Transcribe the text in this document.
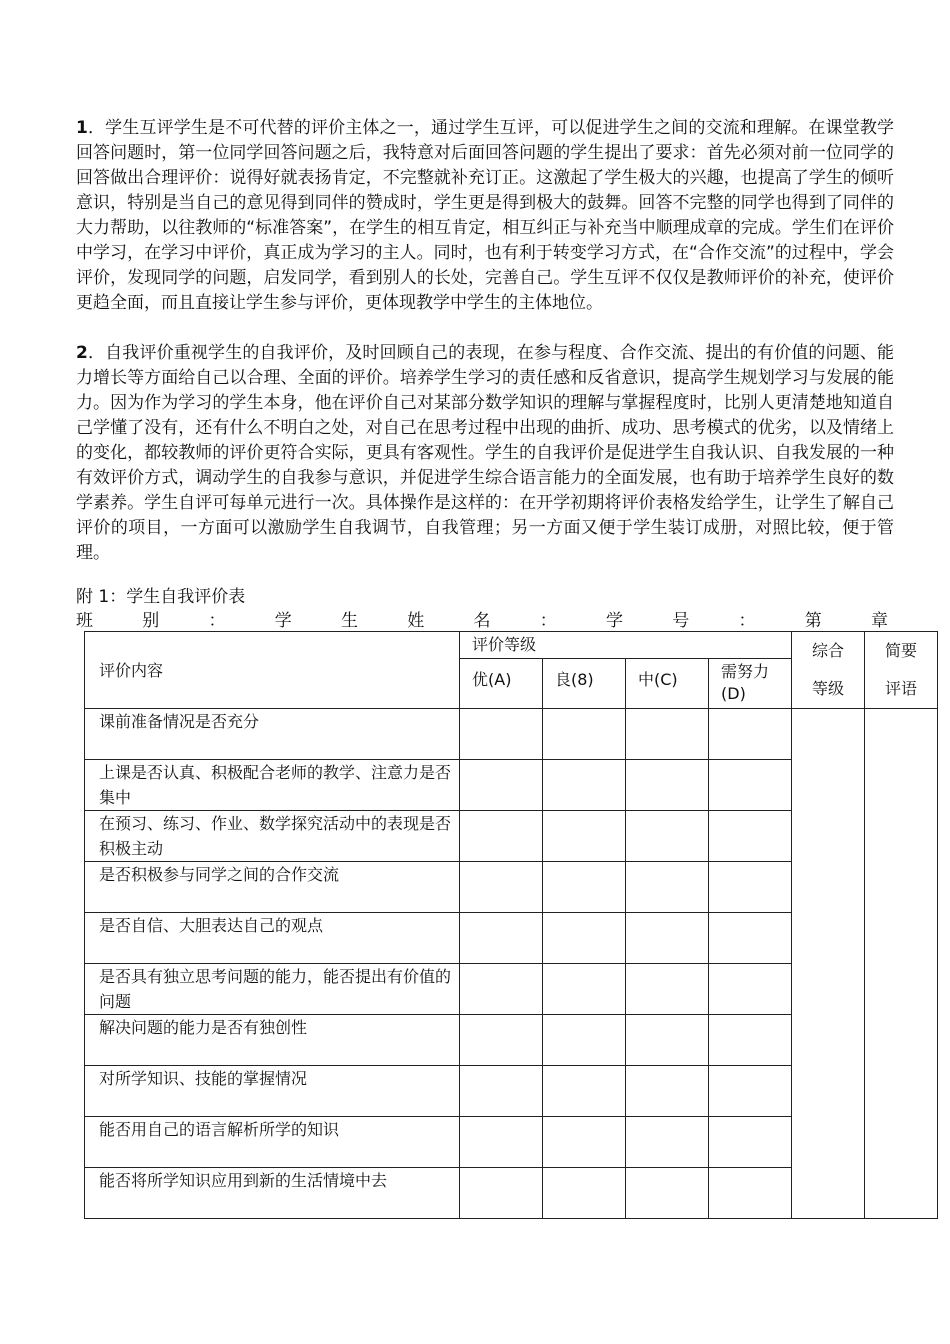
1．学生互评学生是不可代替的评价主体之一，通过学生互评，可以促进学生之间的交流和理解。在课堂教学回答问题时，第一位同学回答问题之后，我特意对后面回答问题的学生提出了要求：首先必须对前一位同学的回答做出合理评价：说得好就表扬肯定，不完整就补充订正。这激起了学生极大的兴趣，也提高了学生的倾听意识，特别是当自己的意见得到同伴的赞成时，学生更是得到极大的鼓舞。回答不完整的同学也得到了同伴的大力帮助，以往教师的“标准答案”，在学生的相互肯定，相互纠正与补充当中顺理成章的完成。学生们在评价中学习，在学习中评价，真正成为学习的主人。同时，也有利于转变学习方式，在“合作交流”的过程中，学会评价，发现同学的问题，启发同学，看到别人的长处，完善自己。学生互评不仅仅是教师评价的补充，使评价更趋全面，而且直接让学生参与评价，更体现教学中学生的主体地位。

2．自我评价重视学生的自我评价，及时回顾自己的表现，在参与程度、合作交流、提出的有价值的问题、能力增长等方面给自己以合理、全面的评价。培养学生学习的责任感和反省意识，提高学生规划学习与发展的能力。因为作为学习的学生本身，他在评价自己对某部分数学知识的理解与掌握程度时，比别人更清楚地知道自己学懂了没有，还有什么不明白之处，对自己在思考过程中出现的曲折、成功、思考模式的优劣，以及情绪上的变化，都较教师的评价更符合实际，更具有客观性。学生的自我评价是促进学生自我认识、自我发展的一种有效评价方式，调动学生的自我参与意识，并促进学生综合语言能力的全面发展，也有助于培养学生良好的数学素养。学生自评可每单元进行一次。具体操作是这样的：在开学初期将评价表格发给学生，让学生了解自己评价的项目，一方面可以激励学生自我调节，自我管理；另一方面又便于学生装订成册，对照比较，便于管理。

附 1：学生自我评价表
班	别	：	学	生	姓	名	：	学	号	：	第	章
评价内容	评价等级				综合等级	简要评语
	优(A)	良(8)	中(C)	需努力(D)		
课前准备情况是否充分						
上课是否认真、积极配合老师的教学、注意力是否集中						
在预习、练习、作业、数学探究活动中的表现是否积极主动						
是否积极参与同学之间的合作交流						
是否自信、大胆表达自己的观点						
是否具有独立思考问题的能力，能否提出有价值的问题						
解决问题的能力是否有独创性						
对所学知识、技能的掌握情况						
能否用自己的语言解析所学的知识						
能否将所学知识应用到新的生活情境中去						
